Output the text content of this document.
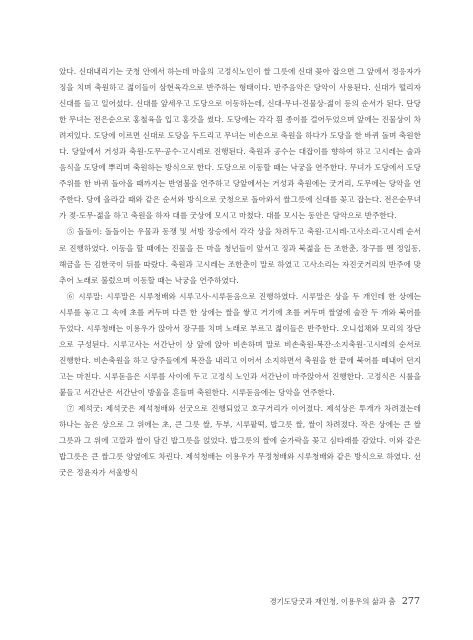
았다. 신대내리기는 굿청 안에서 하는데 마을의 고정식노인이 쌀 그릇에 신대 꽂아 잡으면 그 앞에서 정응자가 징을 치며 축원하고 젊이들이 삼현육각으로 반주하는 형태이다. 반주음악은 당악이 사용된다. 신대가 떨리자 신대를 들고 일어섰다. 신대를 앞세우고 도당으로 이동하는데, 신대-무녀-진물상-젊이 등의 순서가 된다. 단당한 무녀는 전은순으로 홍철육을 입고 홍갓을 썼다. 도당에는 각각 흰 종이를 걸어두었으며 앞에는 진물상이 차려져있다. 도당에 이르면 신대로 도당을 두드리고 무녀는 비손으로 축원을 하다가 도당을 한 바퀴 돌며 축원한다. 당앞에서 거성과 축원-도무-공수-고시레로 진행된다. 축원과 공수는 대잡이를 향하여 하고 고시레는 술과 음식을 도당에 뿌리며 축원하는 방식으로 한다. 도당으로 이동할 때는 낙궁을 연주한다. 무녀가 도당에서 도당주위를 한 바퀴 돌아올 때까지는 반염불을 연주하고 당앞에서는 거성과 축원에는 굿거리, 도무에는 당악을 연주한다. 당에 올라갈 때와 같은 순서와 방식으로 굿청으로 돌아와서 쌀그릇에 신대를 꽂고 잡는다. 전은순무녀가 젖-도무-젊을 하고 축원을 하자 대를 굿상에 모시고 마쳤다. 대를 모시는 동안은 당악으로 반주한다.

⑤ 돌돌이: 돌돌이는 우물과 동쟁 및 서방 장승에서 각각 상을 차려두고 축원-고시레-고사소리-고시레 순서로 진행하였다. 이동을 할 때에는 진물을 든 마을 청년들이 앞서고 징과 북젊을 든 조한춘, 장구를 멘 정일동, 해금을 든 김한국이 뒤를 따랐다. 축원과 고시레는 조한춘이 말로 하였고 고사소리는 자진굿거리의 반주에 맞추어 노래로 불렀으며 이동할 때는 낙궁을 연주하였다.

⑥ 시루말: 시루말은 시루청배와 시루고사-시루돋음으로 진행하였다. 시루말은 상을 두 개인데 한 상에는 시루를 놓고 그 속에 초를 켜두며 다른 한 상에는 쌀을 쌓고 거기에 초를 켜두며 쌀옆에 술잔 두 개와 북어를 두었다. 시루청배는 이용우가 앉아서 장구를 치며 노래로 부르고 젊이들은 반주한다. 오니섭채와 모리의 장단으로 구성된다. 시루고사는 서간난이 상 앞에 앉아 비손하며 말로 비손축원-복잔-소지축원-고시레의 순서로 진행한다. 비손축원을 하고 당주들에게 복잔을 내리고 이어서 소지하면서 축원을 한 끝에 북어를 떼내어 던지고는 마친다. 시루돋음은 시루를 사이에 두고 고정식 노인과 서간난이 마주앉아서 진행한다. 고정식은 시룰을 붙들고 서간난은 서간난이 방울을 흔들며 축원한다. 시루돋음에는 당악을 연주한다.

⑦ 제석굿: 제석굿은 제석청배와 선굿으로 진행되었고 호구거리가 이어졌다. 제석상은 투개가 차려졌는데 하나는 높은 상으로 그 위에는 초, 큰 그릇 쌀, 두부, 시루팥떡, 밥그릇 쌀, 쌀이 차려졌다. 작은 상에는 큰 쌀 그릇과 그 위에 고깔과 쌀이 담긴 밥그릇을 얹었다. 밥그릇의 쌀에 숟가락을 꽂고 심타래를 감았다. 이와 같은 밥그릇은 큰 쌀그릇 양옆에도 차린다. 제석청배는 이용우가 무정청배와 시루청배와 같은 방식으로 하였다. 선굿은 정윤자가 서울방식

경기도당굿과 재인청, 이용우의 삶과 춤 277
